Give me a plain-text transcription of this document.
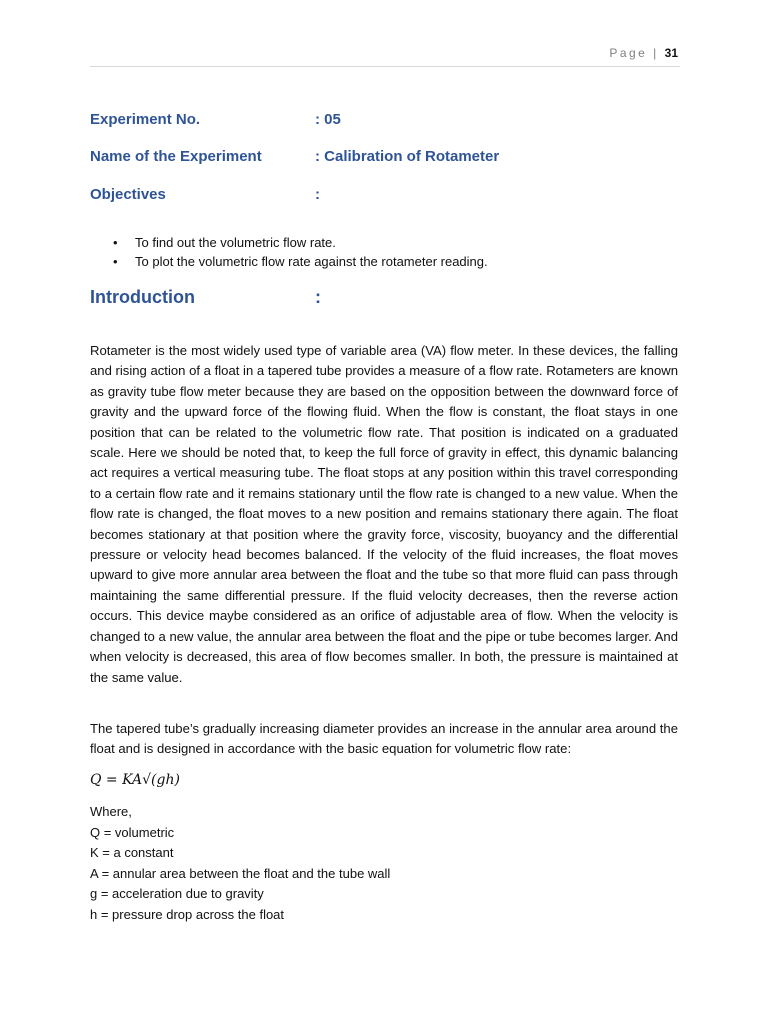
Page | 31
Experiment No.	: 05
Name of the Experiment	: Calibration of Rotameter
Objectives	:
• To find out the volumetric flow rate.
• To plot the volumetric flow rate against the rotameter reading.
Introduction	:

Rotameter is the most widely used type of variable area (VA) flow meter. In these devices, the falling and rising action of a float in a tapered tube provides a measure of a flow rate. Rotameters are known as gravity tube flow meter because they are based on the opposition between the downward force of gravity and the upward force of the flowing fluid. When the flow is constant, the float stays in one position that can be related to the volumetric flow rate. That position is indicated on a graduated scale. Here we should be noted that, to keep the full force of gravity in effect, this dynamic balancing act requires a vertical measuring tube. The float stops at any position within this travel corresponding to a certain flow rate and it remains stationary until the flow rate is changed to a new value. When the flow rate is changed, the float moves to a new position and remains stationary there again. The float becomes stationary at that position where the gravity force, viscosity, buoyancy and the differential pressure or velocity head becomes balanced. If the velocity of the fluid increases, the float moves upward to give more annular area between the float and the tube so that more fluid can pass through maintaining the same differential pressure. If the fluid velocity decreases, then the reverse action occurs. This device maybe considered as an orifice of adjustable area of flow. When the velocity is changed to a new value, the annular area between the float and the pipe or tube becomes larger. And when velocity is decreased, this area of flow becomes smaller. In both, the pressure is maintained at the same value.

The tapered tube’s gradually increasing diameter provides an increase in the annular area around the float and is designed in accordance with the basic equation for volumetric flow rate:

Q = KA√(gh)
Where,
Q = volumetric
K = a constant
A = annular area between the float and the tube wall
g = acceleration due to gravity
h = pressure drop across the float
